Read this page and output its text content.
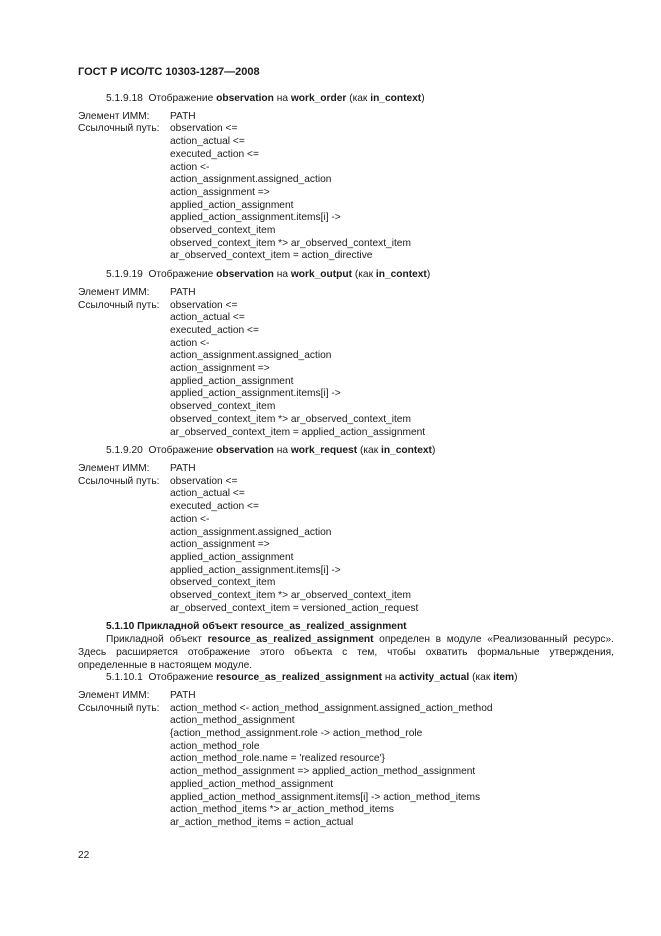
ГОСТ Р ИСО/ТС 10303-1287—2008
5.1.9.18 Отображение observation на work_order (как in_context)
Элемент ИММ:	PATH
Ссылочный путь:	observation <=
action_actual <=
executed_action <=
action <-
action_assignment.assigned_action
action_assignment =>
applied_action_assignment
applied_action_assignment.items[i] ->
observed_context_item
observed_context_item *> ar_observed_context_item
ar_observed_context_item = action_directive
5.1.9.19 Отображение observation на work_output (как in_context)
Элемент ИММ:	PATH
Ссылочный путь:	observation <=
action_actual <=
executed_action <=
action <-
action_assignment.assigned_action
action_assignment =>
applied_action_assignment
applied_action_assignment.items[i] ->
observed_context_item
observed_context_item *> ar_observed_context_item
ar_observed_context_item = applied_action_assignment
5.1.9.20 Отображение observation на work_request (как in_context)
Элемент ИММ:	PATH
Ссылочный путь:	observation <=
action_actual <=
executed_action <=
action <-
action_assignment.assigned_action
action_assignment =>
applied_action_assignment
applied_action_assignment.items[i] ->
observed_context_item
observed_context_item *> ar_observed_context_item
ar_observed_context_item = versioned_action_request
5.1.10 Прикладной объект resource_as_realized_assignment
Прикладной объект resource_as_realized_assignment определен в модуле «Реализованный ресурс». Здесь расширяется отображение этого объекта с тем, чтобы охватить формальные утверждения, определенные в настоящем модуле.
5.1.10.1 Отображение resource_as_realized_assignment на activity_actual (как item)
Элемент ИММ:	PATH
Ссылочный путь:	action_method <- action_method_assignment.assigned_action_method
action_method_assignment
{action_method_assignment.role -> action_method_role
action_method_role
action_method_role.name = 'realized resource'}
action_method_assignment => applied_action_method_assignment
applied_action_method_assignment
applied_action_method_assignment.items[i] -> action_method_items
action_method_items *> ar_action_method_items
ar_action_method_items = action_actual
22
